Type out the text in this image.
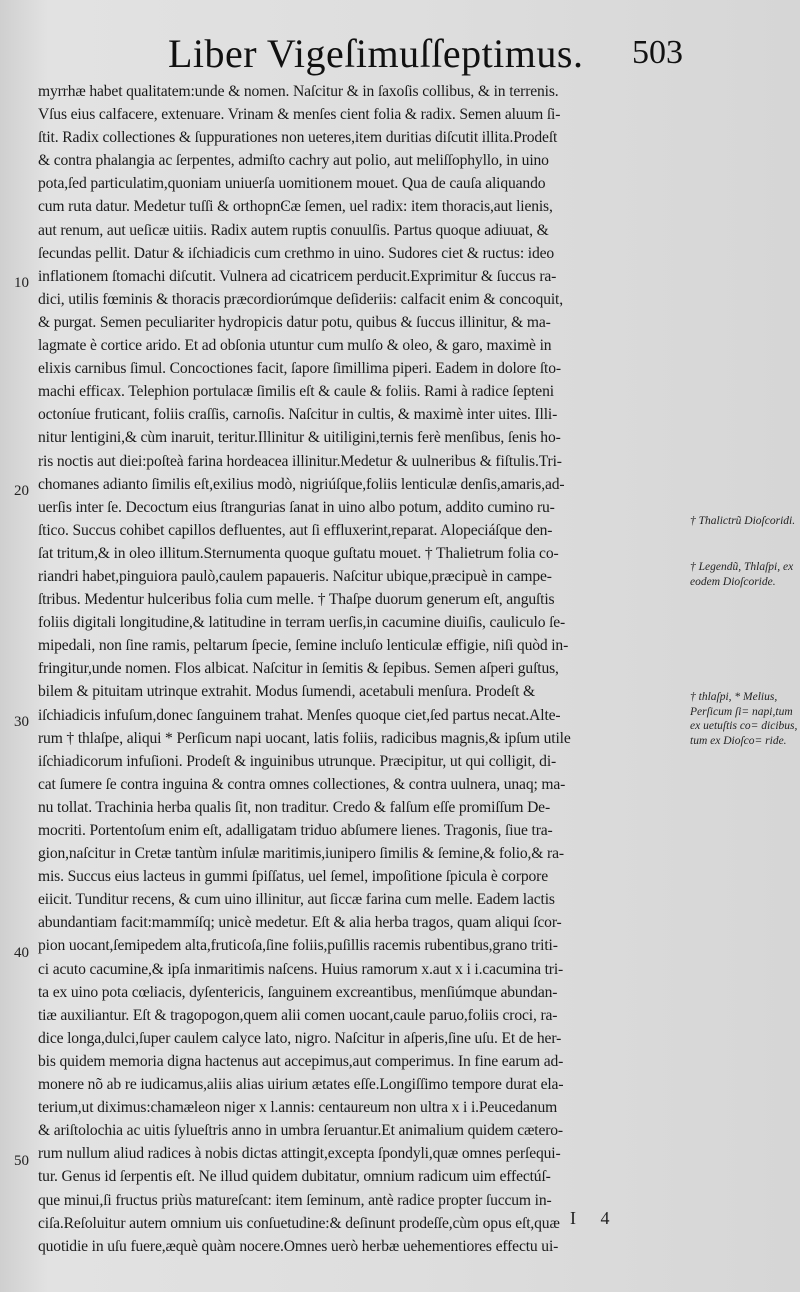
Liber Vigeſimuſſeptimus. 503
myrrhæ habet qualitatem:unde & nomen. Naſcitur & in ſaxoſis collibus, & in terrenis.
Vſus eius calfacere, extenuare. Vrinam & menſes cient folia & radix. Semen aluum ſi-
ſtit. Radix collectiones & ſuppurationes non ueteres,item duritias diſcutit illita.Prodeſt
& contra phalangia ac ſerpentes, admiſto cachry aut polio, aut meliſſophyllo, in uino
pota,ſed particulatim,quoniam uniuerſa uomitionem mouet. Qua de cauſa aliquando
cum ruta datur. Medetur tuſſi & orthopnϾæ ſemen, uel radix: item thoracis,aut lienis,
aut renum, aut ueſicæ uitiis. Radix autem ruptis conuulſis. Partus quoque adiuuat, &
ſecundas pellit. Datur & iſchiadicis cum crethmo in uino. Sudores ciet & ructus: ideo
inflationem ſtomachi diſcutit. Vulnera ad cicatricem perducit.Exprimitur & ſuccus ra-
dici, utilis fœminis & thoracis præcordiorúmque deſideriis: calfacit enim & concoquit,
& purgat. Semen peculiariter hydropicis datur potu, quibus & ſuccus illinitur, & ma-
lagmate è cortice arido. Et ad obſonia utuntur cum mulſo & oleo, & garo, maximè in
elixis carnibus ſimul. Concoctiones facit, ſapore ſimillima piperi. Eadem in dolore ſto-
machi efficax. Telephion portulacæ ſimilis eſt & caule & foliis. Rami à radice ſepteni
octoníue fruticant, foliis craſſis, carnoſis. Naſcitur in cultis, & maximè inter uites. Illi-
nitur lentigini,& cùm inaruit, teritur.Illinitur & uitiligini,ternis ferè menſibus, ſenis ho-
ris noctis aut diei:poſteà farina hordeacea illinitur.Medetur & uulneribus & fiſtulis.Tri-
chomanes adianto ſimilis eſt,exilius modò, nigriúſque,foliis lenticulæ denſis,amaris,ad-
uerſis inter ſe. Decoctum eius ſtrangurias ſanat in uino albo potum, addito cumino ru-
ſtico. Succus cohibet capillos defluentes, aut ſi effluxerint,reparat. Alopeciáſque den-
ſat tritum,& in oleo illitum.Sternumenta quoque guſtatu mouet. † Thalietrum folia co-
riandri habet,pinguiora paulò,caulem papaueris. Naſcitur ubique,præcipuè in campe-
ſtribus. Medentur hulceribus folia cum melle. † Thaſpe duorum generum eſt, anguſtis
foliis digitali longitudine,& latitudine in terram uerſis,in cacumine diuiſis, cauliculo ſe-
mipedali, non ſine ramis, peltarum ſpecie, ſemine incluſo lenticulæ effigie, niſi quòd in-
fringitur,unde nomen. Flos albicat. Naſcitur in ſemitis & ſepibus. Semen aſperi guſtus,
bilem & pituitam utrinque extrahit. Modus ſumendi, acetabuli menſura. Prodeſt &
iſchiadicis infuſum,donec ſanguinem trahat. Menſes quoque ciet,ſed partus necat.Alte-
rum † thlaſpe, aliqui * Perſicum napi uocant, latis foliis, radicibus magnis,& ipſum utile
iſchiadicorum infuſioni. Prodeſt & inguinibus utrunque. Præcipitur, ut qui colligit, di-
cat ſumere ſe contra inguina & contra omnes collectiones, & contra uulnera, unaq; ma-
nu tollat. Trachinia herba qualis ſit, non traditur. Credo & falſum eſſe promiſſum De-
mocriti. Portentoſum enim eſt, adalligatam triduo abſumere lienes. Tragonis, ſiue tra-
gion,naſcitur in Cretæ tantùm inſulæ maritimis,iunipero ſimilis & ſemine,& folio,& ra-
mis. Succus eius lacteus in gummi ſpiſſatus, uel ſemel, impoſitione ſpicula è corpore
eiicit. Tunditur recens, & cum uino illinitur, aut ſiccæ farina cum melle. Eadem lactis
abundantiam facit:mammíſq; unicè medetur. Eſt & alia herba tragos, quam aliqui ſcor-
pion uocant,ſemipedem alta,fruticoſa,ſine foliis,puſillis racemis rubentibus,grano triti-
ci acuto cacumine,& ipſa inmaritimis naſcens. Huius ramorum x.aut x i i.cacumina tri-
ta ex uino pota cœliacis, dyſentericis, ſanguinem excreantibus, menſiúmque abundan-
tiæ auxiliantur. Eſt & tragopogon,quem alii comen uocant,caule paruo,foliis croci, ra-
dice longa,dulci,ſuper caulem calyce lato, nigro. Naſcitur in aſperis,ſine uſu. Et de her-
bis quidem memoria digna hactenus aut accepimus,aut comperimus. In fine earum ad-
monere nõ ab re iudicamus,aliis alias uirium ætates eſſe.Longiſſimo tempore durat ela-
terium,ut diximus:chamæleon niger x l.annis: centaureum non ultra x i i.Peucedanum
& ariſtolochia ac uitis ſylueſtris anno in umbra ſeruantur.Et animalium quidem cætero-
rum nullum aliud radices à nobis dictas attingit,excepta ſpondyli,quæ omnes perſequi-
tur. Genus id ſerpentis eſt. Ne illud quidem dubitatur, omnium radicum uim effectúſ-
que minui,ſi fructus priùs matureſcant: item ſeminum, antè radice propter ſuccum in-
ciſa.Reſoluitur autem omnium uis conſuetudine:& deſinunt prodeſſe,cùm opus eſt,quæ
quotidie in uſu fuere,æquè quàm nocere.Omnes uerò herbæ uehementiores effectu ui-
10
20
30
40
50
† Thalictrũ Dioſcoridi.
† Legendũ, Thlaſpi, ex eodem Dioſcoride.
† thlaſpi, * Melius, Perſicum ſi= napi,tum ex uetuſtis co= dicibus, tum ex Dioſco= ride.
I 4
